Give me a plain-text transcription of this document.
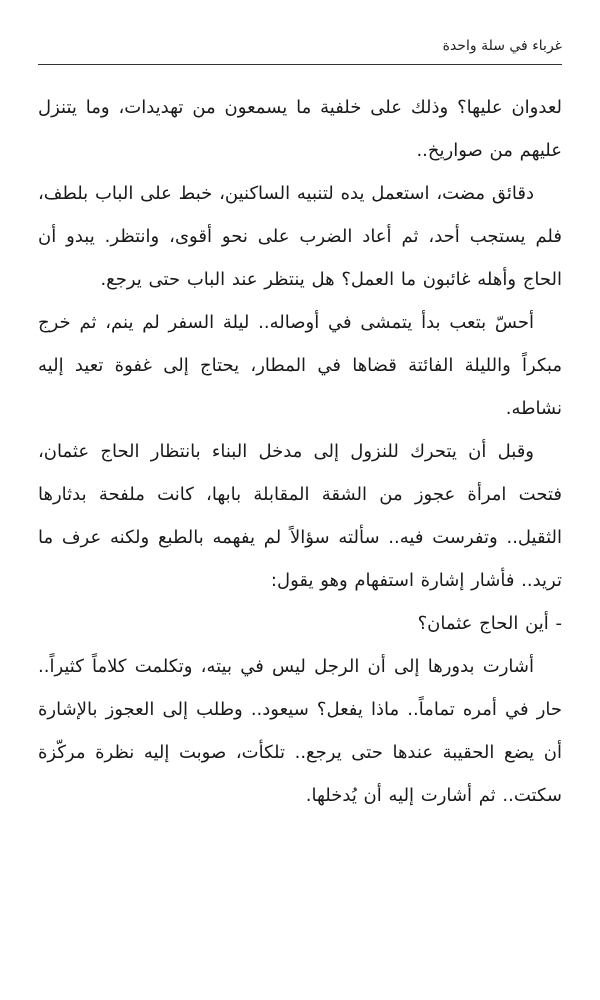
غرباء في سلة واحدة

لعدوان عليها؟ وذلك على خلفية ما يسمعون من تهديدات، وما يتنزل عليهم من صواريخ..

دقائق مضت، استعمل يده لتنبيه الساكنين، خبط على الباب بلطف، فلم يستجب أحد، ثم أعاد الضرب على نحو أقوى، وانتظر. يبدو أن الحاج وأهله غائبون ما العمل؟ هل ينتظر عند الباب حتى يرجع.

أحسّ بتعب بدأ يتمشى في أوصاله.. ليلة السفر لم ينم، ثم خرج مبكراً والليلة الفائتة قضاها في المطار، يحتاج إلى غفوة تعيد إليه نشاطه.

وقبل أن يتحرك للنزول إلى مدخل البناء بانتظار الحاج عثمان، فتحت امرأة عجوز من الشقة المقابلة بابها، كانت ملفحة بدثارها الثقيل.. وتفرست فيه.. سألته سؤالاً لم يفهمه بالطبع ولكنه عرف ما تريد.. فأشار إشارة استفهام وهو يقول:

- أين الحاج عثمان؟

أشارت بدورها إلى أن الرجل ليس في بيته، وتكلمت كلاماً كثيراً.. حار في أمره تماماً.. ماذا يفعل؟ سيعود.. وطلب إلى العجوز بالإشارة أن يضع الحقيبة عندها حتى يرجع.. تلكأت، صوبت إليه نظرة مركّزة سكتت.. ثم أشارت إليه أن يُدخلها.
